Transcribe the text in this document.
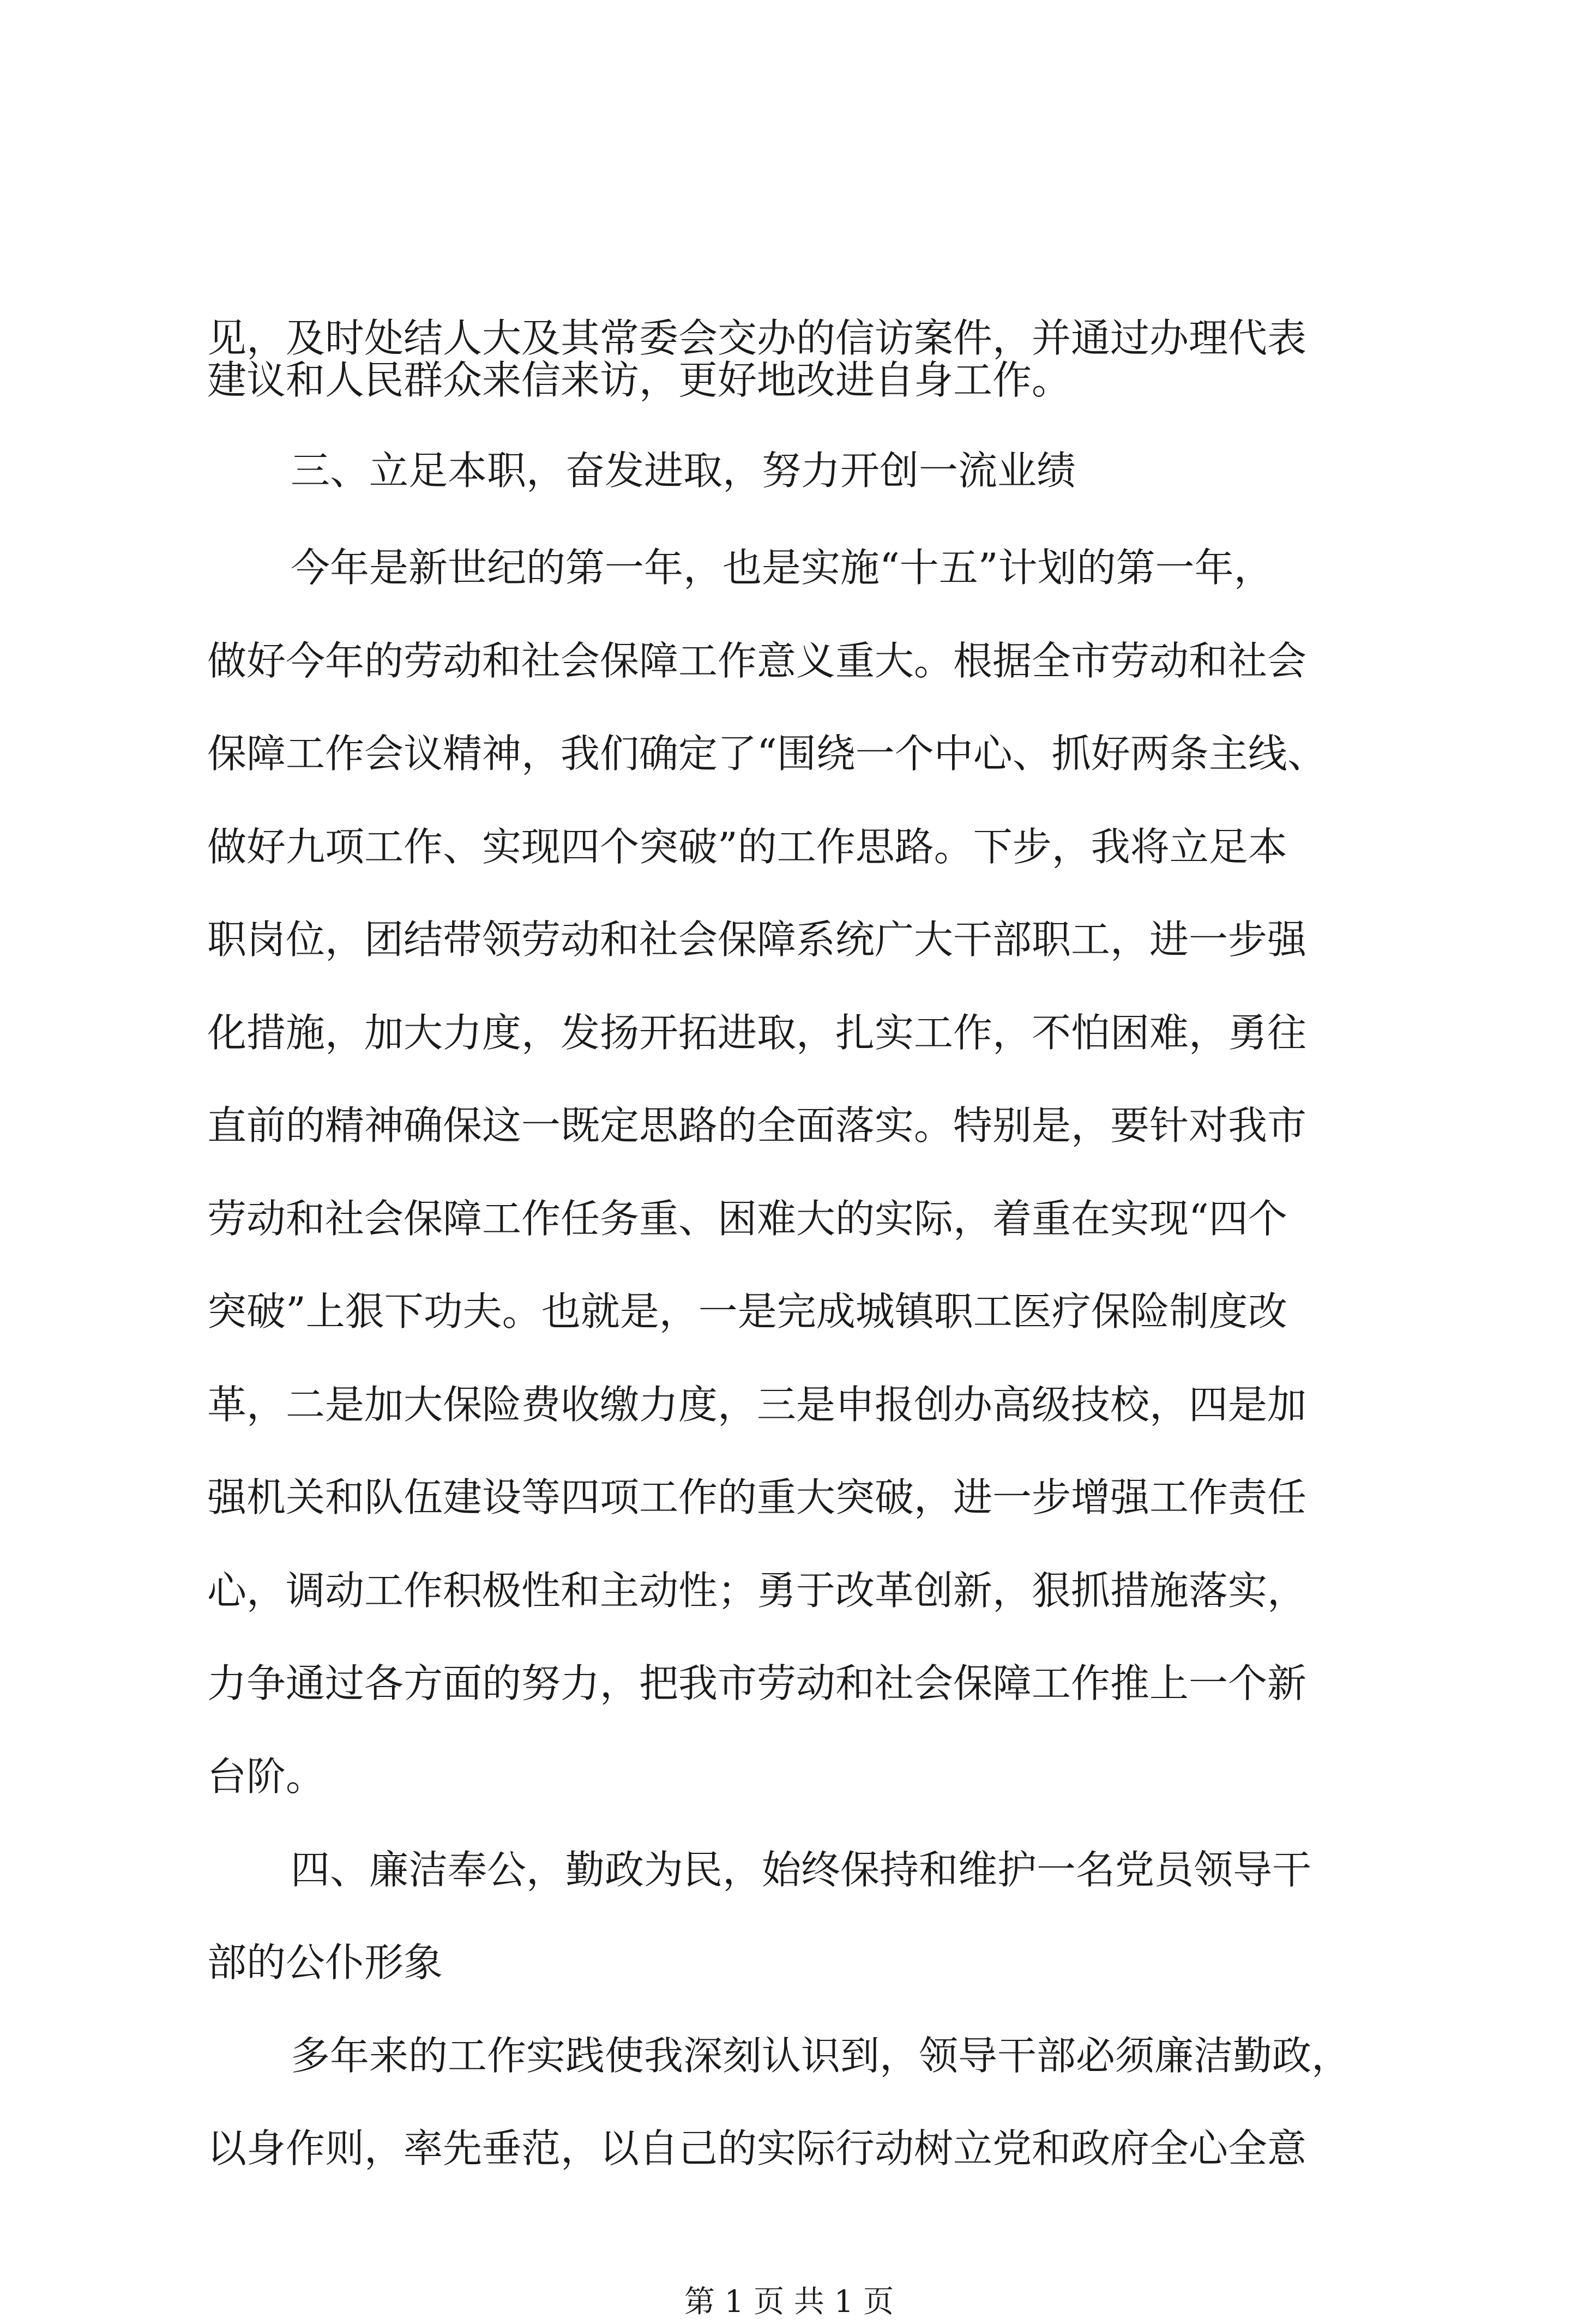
见，及时处结人大及其常委会交办的信访案件，并通过办理代表
建议和人民群众来信来访，更好地改进自身工作。
三、立足本职，奋发进取，努力开创一流业绩
今年是新世纪的第一年，也是实施“十五”计划的第一年，
做好今年的劳动和社会保障工作意义重大。根据全市劳动和社会
保障工作会议精神，我们确定了“围绕一个中心、抓好两条主线、
做好九项工作、实现四个突破”的工作思路。下步，我将立足本
职岗位，团结带领劳动和社会保障系统广大干部职工，进一步强
化措施，加大力度，发扬开拓进取，扎实工作，不怕困难，勇往
直前的精神确保这一既定思路的全面落实。特别是，要针对我市
劳动和社会保障工作任务重、困难大的实际，着重在实现“四个
突破”上狠下功夫。也就是，一是完成城镇职工医疗保险制度改
革，二是加大保险费收缴力度，三是申报创办高级技校，四是加
强机关和队伍建设等四项工作的重大突破，进一步增强工作责任
心，调动工作积极性和主动性；勇于改革创新，狠抓措施落实，
力争通过各方面的努力，把我市劳动和社会保障工作推上一个新
台阶。
四、廉洁奉公，勤政为民，始终保持和维护一名党员领导干
部的公仆形象
多年来的工作实践使我深刻认识到，领导干部必须廉洁勤政，
第 1 页 共 1 页
以身作则，率先垂范，以自己的实际行动树立党和政府全心全意
